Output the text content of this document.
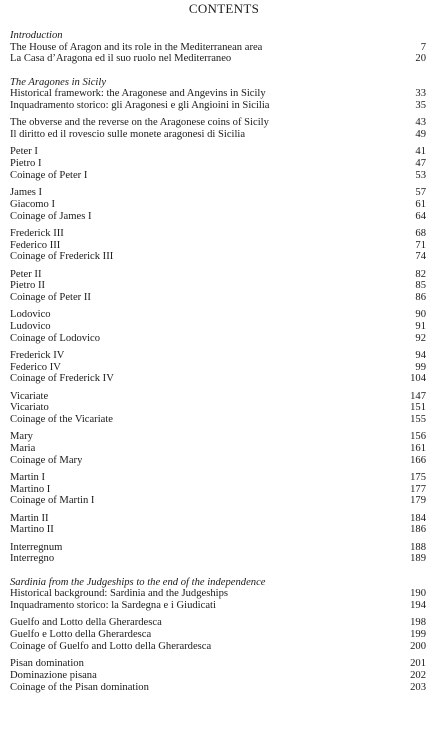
CONTENTS
Introduction
The House of Aragon and its role in the Mediterranean area	7
La Casa d’Aragona ed il suo ruolo nel Mediterraneo	20
The Aragones in Sicily
Historical framework: the Aragonese and Angevins in Sicily	33
Inquadramento storico: gli Aragonesi e gli Angioini in Sicilia	35
The obverse and the reverse on the Aragonese coins of Sicily	43
Il diritto ed il rovescio sulle monete aragonesi di Sicilia	49
Peter I	41
Pietro I	47
Coinage of Peter I	53
James I	57
Giacomo I	61
Coinage of James I	64
Frederick III	68
Federico III	71
Coinage of Frederick III	74
Peter II	82
Pietro II	85
Coinage of Peter II	86
Lodovico	90
Ludovico	91
Coinage of Lodovico	92
Frederick IV	94
Federico IV	99
Coinage of Frederick IV	104
Vicariate	147
Vicariato	151
Coinage of the Vicariate	155
Mary	156
Maria	161
Coinage of Mary	166
Martin I	175
Martino I	177
Coinage of Martin I	179
Martin II	184
Martino II	186
Interregnum	188
Interregno	189
Sardinia from the Judgeships to the end of the independence
Historical background: Sardinia and the Judgeships	190
Inquadramento storico: la Sardegna e i Giudicati	194
Guelfo and Lotto della Gherardesca	198
Guelfo e Lotto della Gherardesca	199
Coinage of Guelfo and Lotto della Gherardesca	200
Pisan domination	201
Dominazione pisana	202
Coinage of the Pisan domination	203
